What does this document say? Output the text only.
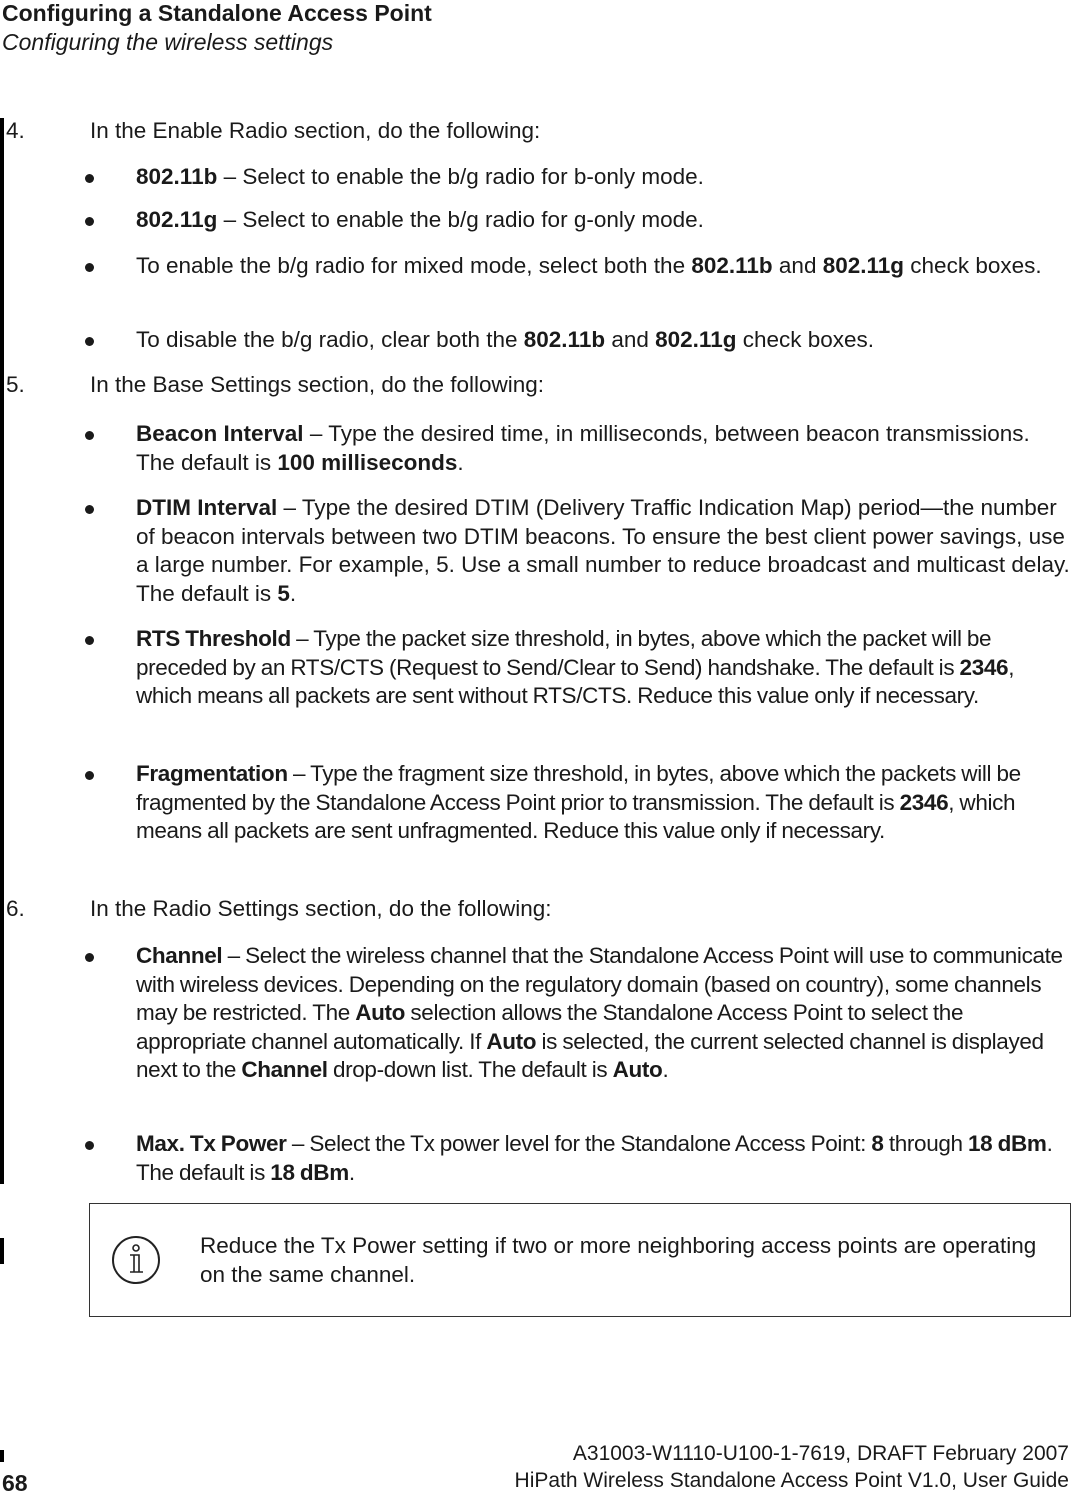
Configuring a Standalone Access Point
Configuring the wireless settings
4.	In the Enable Radio section, do the following:
802.11b – Select to enable the b/g radio for b-only mode.
802.11g – Select to enable the b/g radio for g-only mode.
To enable the b/g radio for mixed mode, select both the 802.11b and 802.11g check boxes.
To disable the b/g radio, clear both the 802.11b and 802.11g check boxes.
5.	In the Base Settings section, do the following:
Beacon Interval – Type the desired time, in milliseconds, between beacon transmissions. The default is 100 milliseconds.
DTIM Interval – Type the desired DTIM (Delivery Traffic Indication Map) period—the number of beacon intervals between two DTIM beacons. To ensure the best client power savings, use a large number. For example, 5. Use a small number to reduce broadcast and multicast delay. The default is 5.
RTS Threshold – Type the packet size threshold, in bytes, above which the packet will be preceded by an RTS/CTS (Request to Send/Clear to Send) handshake. The default is 2346, which means all packets are sent without RTS/CTS. Reduce this value only if necessary.
Fragmentation – Type the fragment size threshold, in bytes, above which the packets will be fragmented by the Standalone Access Point prior to transmission. The default is 2346, which means all packets are sent unfragmented. Reduce this value only if necessary.
6.	In the Radio Settings section, do the following:
Channel – Select the wireless channel that the Standalone Access Point will use to communicate with wireless devices. Depending on the regulatory domain (based on country), some channels may be restricted. The Auto selection allows the Standalone Access Point to select the appropriate channel automatically. If Auto is selected, the current selected channel is displayed next to the Channel drop-down list. The default is Auto.
Max. Tx Power – Select the Tx power level for the Standalone Access Point: 8 through 18 dBm. The default is 18 dBm.
Reduce the Tx Power setting if two or more neighboring access points are operating on the same channel.
68
A31003-W1110-U100-1-7619, DRAFT February 2007
HiPath Wireless Standalone Access Point V1.0, User Guide
